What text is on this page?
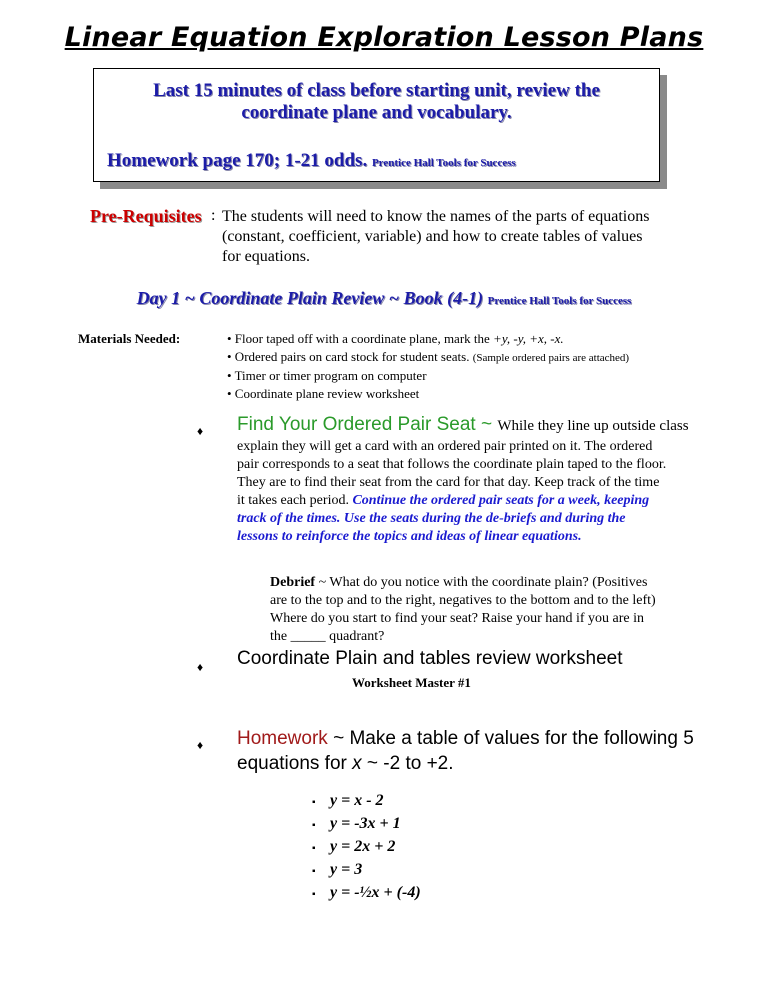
Linear Equation Exploration Lesson Plans
Last 15 minutes of class before starting unit, review the
coordinate plane and vocabulary.
Homework page 170; 1-21 odds. Prentice Hall Tools for Success
Pre-Requisites : The students will need to know the names of the parts of equations
(constant, coefficient, variable) and how to create tables of values
for equations.
Day 1 ~ Coordinate Plain Review ~ Book (4-1) Prentice Hall Tools for Success
Materials Needed:	• Floor taped off with a coordinate plane, mark the +y, -y, +x, -x.
• Ordered pairs on card stock for student seats. (Sample ordered pairs are attached)
• Timer or timer program on computer
• Coordinate plane review worksheet
♦ Find Your Ordered Pair Seat ~ While they line up outside class
explain they will get a card with an ordered pair printed on it. The ordered
pair corresponds to a seat that follows the coordinate plain taped to the floor.
They are to find their seat from the card for that day. Keep track of the time
it takes each period. Continue the ordered pair seats for a week, keeping
track of the times. Use the seats during the de-briefs and during the
lessons to reinforce the topics and ideas of linear equations.
Debrief ~ What do you notice with the coordinate plain? (Positives
are to the top and to the right, negatives to the bottom and to the left)
Where do you start to find your seat? Raise your hand if you are in
the _____ quadrant?
♦ Coordinate Plain and tables review worksheet
Worksheet Master #1
♦ Homework ~ Make a table of values for the following 5
equations for x ~ -2 to +2.
▪ y = x - 2
▪ y = -3x + 1
▪ y = 2x + 2
▪ y = 3
▪ y = -½x + (-4)
